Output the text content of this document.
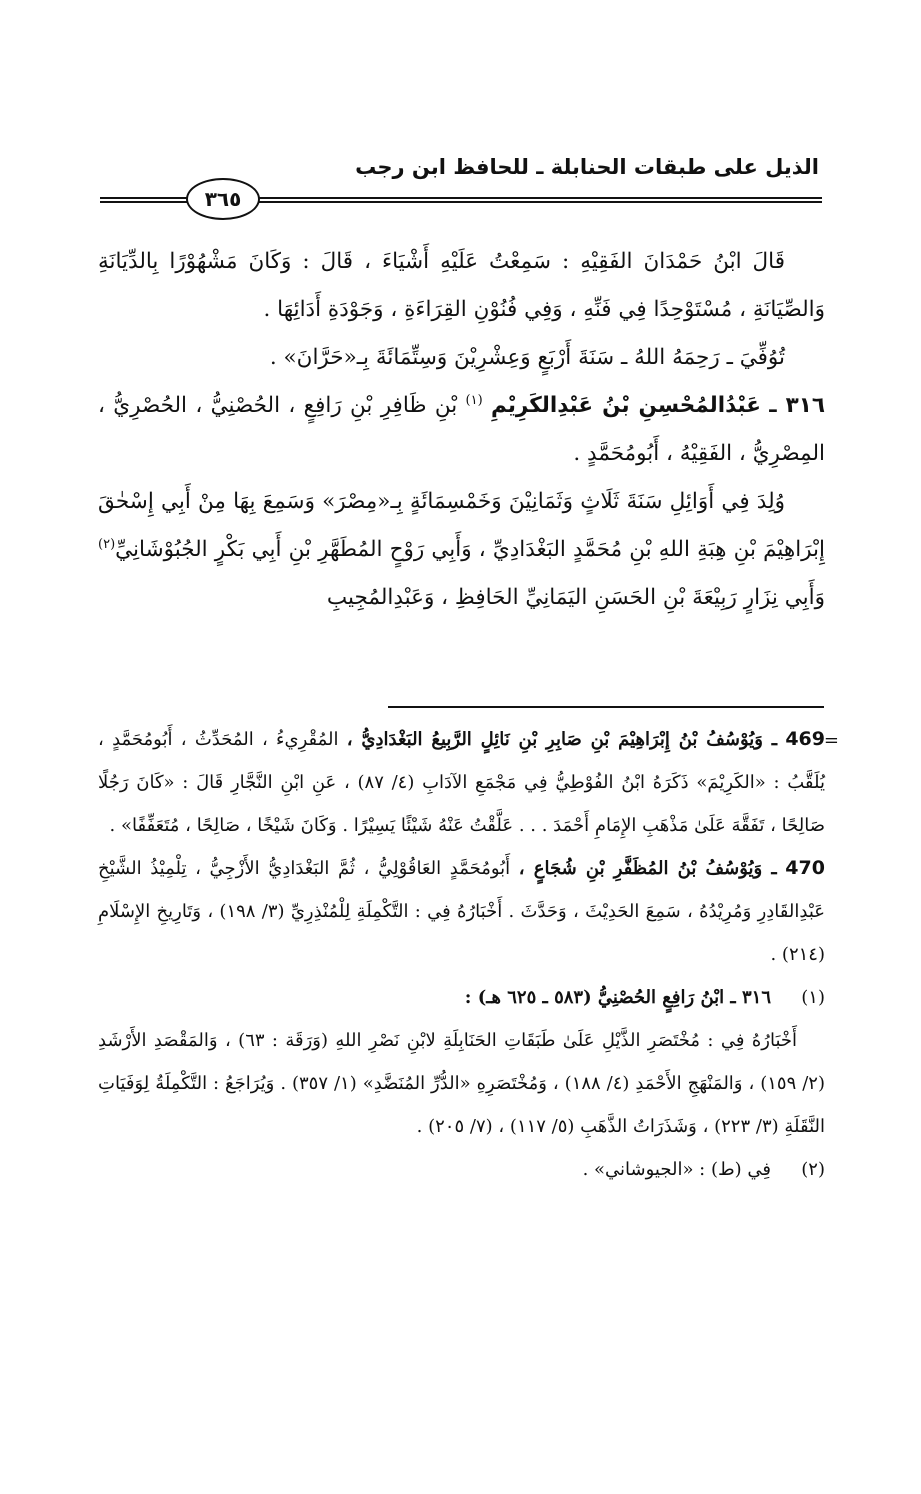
الذيل على طبقات الحنابلة ـ للحافظ ابن رجب
٣٦٥

قَالَ ابْنُ حَمْدَانَ الفَقِيْهِ : سَمِعْتُ عَلَيْهِ أَشْيَاءَ ، قَالَ : وَكَانَ مَشْهُوْرًا بِالدِّيَانَةِ وَالصِّيَانَةِ ، مُسْتَوْحِدًا فِي فَنِّهِ ، وَفِي فُنُوْنِ القِرَاءَةِ ، وَجَوْدَةِ أَدَائِهَا .

تُوُفِّيَ ـ رَحِمَهُ اللهُ ـ سَنَةَ أَرْبَعٍ وَعِشْرِيْنَ وَسِتِّمَائَةَ بِـ«حَرَّانَ» .

٣١٦ ـ عَبْدُالمُحْسِنِ بْنُ عَبْدِالكَرِيْمِ $^{(١)}$ بْنِ ظَافِرِ بْنِ رَافِعٍ ، الحُصْنِيُّ ، الحُصْرِيُّ ، المِصْرِيُّ ، الفَقِيْهُ ، أَبُومُحَمَّدٍ .

وُلِدَ فِي أَوَائِلِ سَنَةَ ثَلَاثٍ وَثَمَانِيْنَ وَخَمْسِمَائَةٍ بِـ«مِصْرَ» وَسَمِعَ بِهَا مِنْ أَبِي إِسْحٰقَ إِبْرَاهِيْمَ بْنِ هِبَةِ اللهِ بْنِ مُحَمَّدٍ البَغْدَادِيِّ ، وَأَبِي رَوْحٍ المُطَهَّرِ بْنِ أَبِي بَكْرٍ الجُبُوْشَانِيِّ$^{(٢)}$ وَأَبِي نِزَارٍ رَبِيْعَةَ بْنِ الحَسَنِ اليَمَانِيِّ الحَافِظِ ، وَعَبْدِالمُجِيبِ

=

469 ـ وَيُوْسُفُ بْنُ إِبْرَاهِيْمَ بْنِ صَابِرِ بْنِ نَائِلٍ الرَّبِيعُ البَغْدَادِيُّ ، المُقْرِيءُ ، المُحَدِّثُ ، أَبُومُحَمَّدٍ ، يُلَقَّبُ : «الكَرِيْمَ» ذَكَرَهُ ابْنُ الفُوْطِيُّ فِي مَجْمَعِ الآدَابِ (٤/ ٨٧) ، عَنِ ابْنِ النَّجَّارِ قَالَ : «كَانَ رَجُلًا صَالِحًا ، تَفَقَّهَ عَلَىٰ مَذْهَبِ الإِمَامِ أَحْمَدَ . . . عَلَّقْتُ عَنْهُ شَيْئًا يَسِيْرًا . وَكَانَ شَيْخًا ، صَالِحًا ، مُتَعَفِّفًا» .

470 ـ وَيُوْسُفُ بْنُ المُظَفَّرِ بْنِ شُجَاعٍ ، أَبُومُحَمَّدٍ العَاقُوْلِيُّ ، ثُمَّ البَغْدَادِيُّ الأَزْجِيُّ ، تِلْمِيْذُ الشَّيْخِ عَبْدِالقَادِرِ وَمُرِيْدُهُ ، سَمِعَ الحَدِيْثَ ، وَحَدَّثَ . أَخْبَارُهُ فِي : التَّكْمِلَةِ لِلْمُنْذِرِيِّ (٣/ ١٩٨) ، وَتَارِيخِ الإِسْلَامِ (٢١٤) .

(١)
٣١٦ ـ ابْنُ رَافِعٍ الحُصْنِيُّ (٥٨٣ ـ ٦٢٥ هـ) :

أَخْبَارُهُ فِي : مُخْتَصَرِ الذَّيْلِ عَلَىٰ طَبَقَاتِ الحَنَابِلَةِ لابْنِ نَصْرِ اللهِ (وَرَقَة : ٦٣) ، وَالمَقْصَدِ الأَرْشَدِ (٢/ ١٥٩) ، وَالمَنْهَجِ الأَحْمَدِ (٤/ ١٨٨) ، وَمُخْتَصَرِهِ «الدُّرِّ المُنَضَّدِ» (١/ ٣٥٧) . وَيُرَاجَعُ : التَّكْمِلَةُ لِوَفَيَاتِ النَّقَلَةِ (٣/ ٢٢٣) ، وَشَذَرَاتُ الذَّهَبِ (٥/ ١١٧) ، (٧/ ٢٠٥) .

(٢)
فِي (ط) : «الجيوشاني» .
